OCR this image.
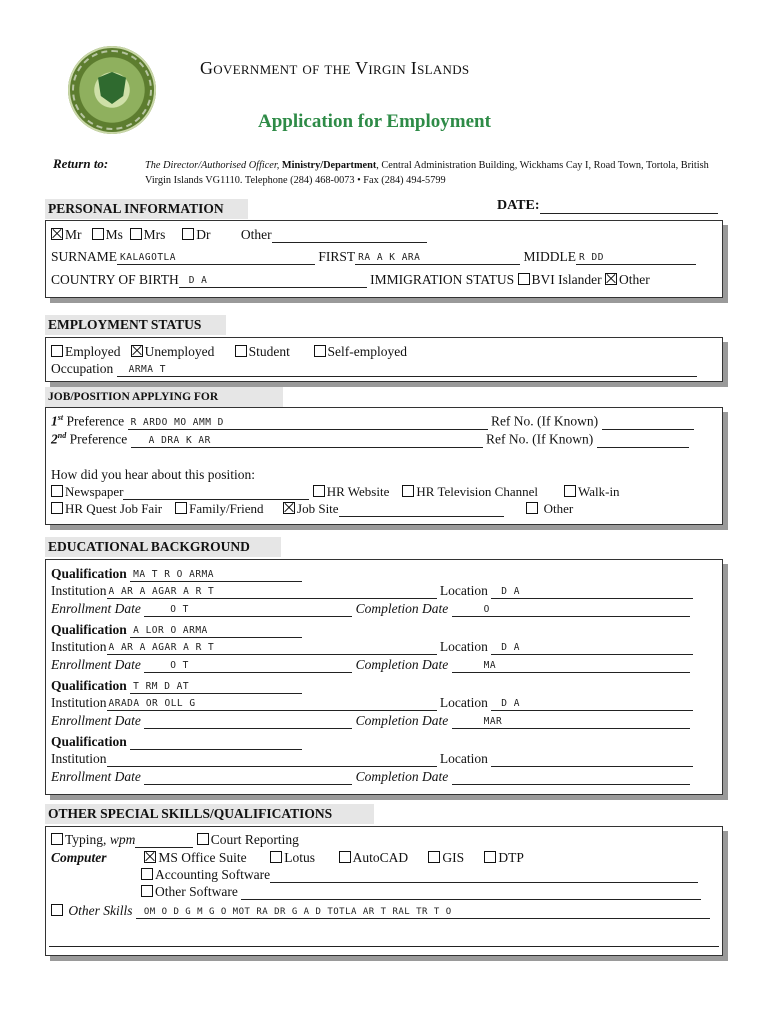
Government of the Virgin Islands
Application for Employment
Return to:	The Director/Authorised Officer, Ministry/Department, Central Administration Building, Wickhams Cay I, Road Town, Tortola, British Virgin Islands VG1110. Telephone (284) 468-0073 • Fax (284) 494-5799
PERSONAL INFORMATION	DATE:
Mr Ms Mrs Dr Other
SURNAME KALAGOTLA	FIRST RA A K ARA	MIDDLE R DD
COUNTRY OF BIRTH D A	IMMIGRATION STATUS BVI Islander Other
EMPLOYMENT STATUS
Employed Unemployed	Student	Self-employed
Occupation ARMA T
JOB/POSITION APPLYING FOR
1st Preference R ARDO MO AMM D	Ref No. (If Known)
2nd Preference A DRA K AR	Ref No. (If Known)
How did you hear about this position:
Newspaper	HR Website HR Television Channel	Walk-in
HR Quest Job Fair Family/Friend	Job Site	Other
EDUCATIONAL BACKGROUND
Qualification MA T R O ARMA
Institution A AR A AGAR A R T	Location D A
Enrollment Date	O T	Completion Date	O
Qualification A LOR O ARMA
Institution A AR A AGAR A R T	Location D A
Enrollment Date	O T	Completion Date	MA
Qualification T RM D AT
Institution ARADA OR OLL G	Location D A
Enrollment Date	Completion Date	MAR
Qualification
Institution	Location
Enrollment Date	Completion Date
OTHER SPECIAL SKILLS/QUALIFICATIONS
Typing, wpm	Court Reporting
Computer	MS Office Suite	Lotus	AutoCAD	GIS	DTP
Accounting Software
Other Software
Other Skills OM O D G M G O MOT RA DR G A D TOTLA AR T RAL TR T O
